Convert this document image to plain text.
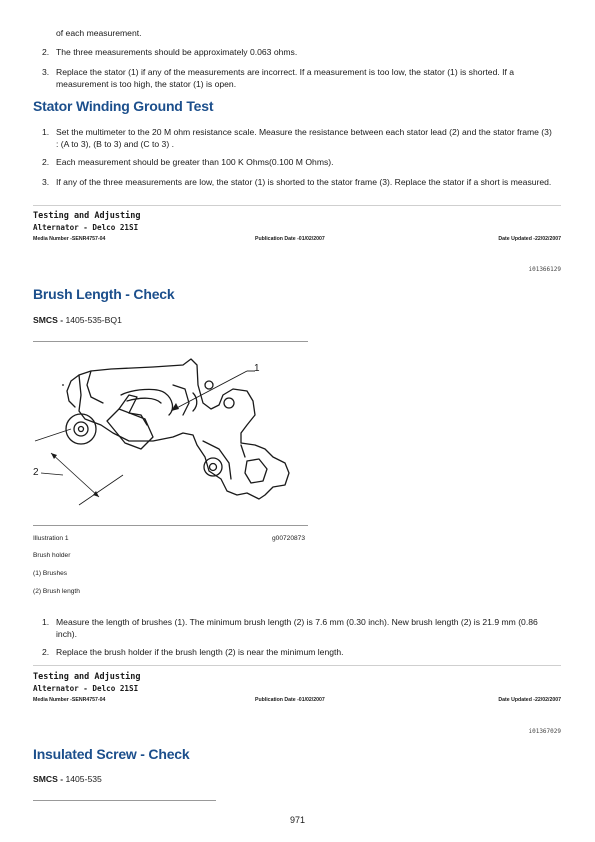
of each measurement.
2. The three measurements should be approximately 0.063 ohms.
3. Replace the stator (1) if any of the measurements are incorrect. If a measurement is too low, the stator (1) is shorted. If a measurement is too high, the stator (1) is open.
Stator Winding Ground Test
1. Set the multimeter to the 20 M ohm resistance scale. Measure the resistance between each stator lead (2) and the stator frame (3) : (A to 3), (B to 3) and (C to 3) .
2. Each measurement should be greater than 100 K Ohms(0.100 M Ohms).
3. If any of the three measurements are low, the stator (1) is shorted to the stator frame (3). Replace the stator if a short is measured.
Testing and Adjusting
Alternator - Delco 21SI
Media Number -SENR4757-04	Publication Date -01/02/2007	Date Updated -22/02/2007
i01366129
Brush Length - Check
SMCS - 1405-535-BQ1
1
2
Illustration 1	g00720873
Brush holder
(1) Brushes
(2) Brush length
1. Measure the length of brushes (1). The minimum brush length (2) is 7.6 mm (0.30 inch). New brush length (2) is 21.9 mm (0.86 inch).
2. Replace the brush holder if the brush length (2) is near the minimum length.
Testing and Adjusting
Alternator - Delco 21SI
Media Number -SENR4757-04	Publication Date -01/02/2007	Date Updated -22/02/2007
i01367029
Insulated Screw - Check
SMCS - 1405-535
971
